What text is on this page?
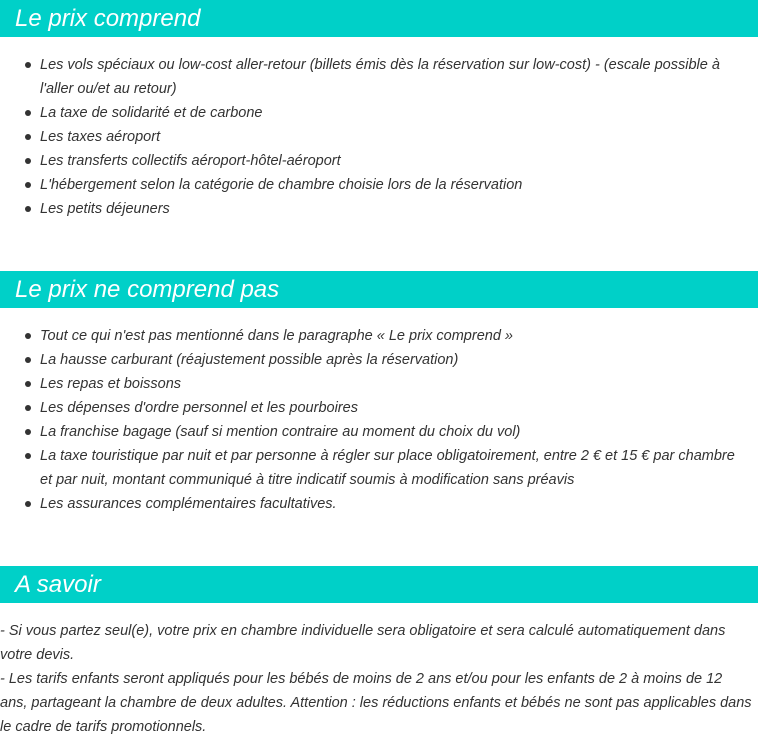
Le prix comprend
Les vols spéciaux ou low-cost aller-retour (billets émis dès la réservation sur low-cost) - (escale possible à l'aller ou/et au retour)
La taxe de solidarité et de carbone
Les taxes aéroport
Les transferts collectifs aéroport-hôtel-aéroport
L'hébergement selon la catégorie de chambre choisie lors de la réservation
Les petits déjeuners
Le prix ne comprend pas
Tout ce qui n'est pas mentionné dans le paragraphe « Le prix comprend »
La hausse carburant (réajustement possible après la réservation)
Les repas et boissons
Les dépenses d'ordre personnel et les pourboires
La franchise bagage (sauf si mention contraire au moment du choix du vol)
La taxe touristique par nuit et par personne à régler sur place obligatoirement, entre 2 € et 15 € par chambre et par nuit, montant communiqué à titre indicatif soumis à modification sans préavis
Les assurances complémentaires facultatives.
A savoir

- Si vous partez seul(e), votre prix en chambre individuelle sera obligatoire et sera calculé automatiquement dans votre devis.

- Les tarifs enfants seront appliqués pour les bébés de moins de 2 ans et/ou pour les enfants de 2 à moins de 12 ans, partageant la chambre de deux adultes. Attention : les réductions enfants et bébés ne sont pas applicables dans le cadre de tarifs promotionnels.
